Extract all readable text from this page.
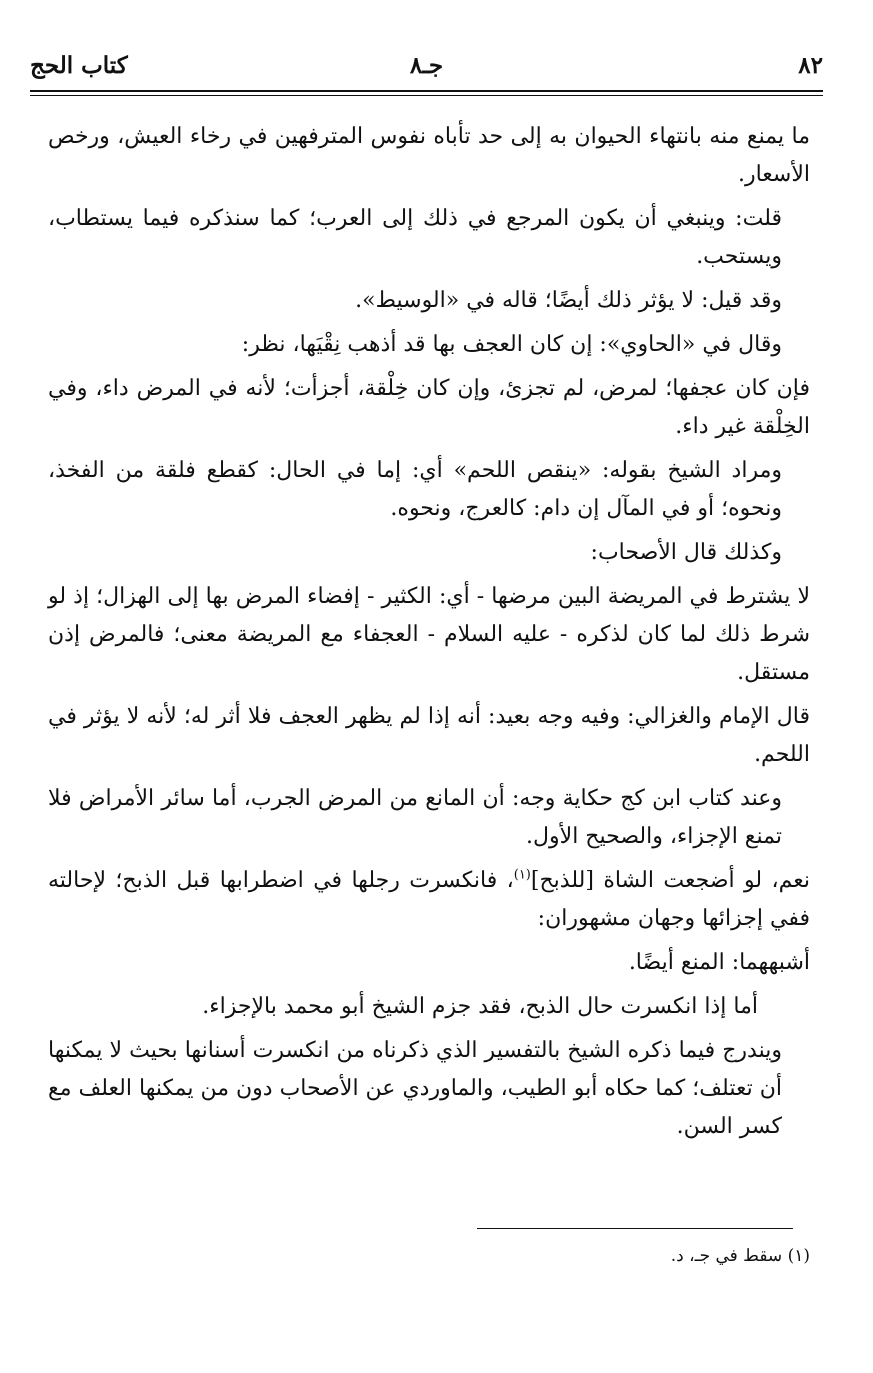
٨٢
جـ٨
كتاب الحج

ما يمنع منه بانتهاء الحيوان به إلى حد تأباه نفوس المترفهين في رخاء العيش، ورخص الأسعار.

قلت: وينبغي أن يكون المرجع في ذلك إلى العرب؛ كما سنذكره فيما يستطاب، ويستحب.

وقد قيل: لا يؤثر ذلك أيضًا؛ قاله في «الوسيط».

وقال في «الحاوي»: إن كان العجف بها قد أذهب نِقْيَها، نظر:

فإن كان عجفها؛ لمرض، لم تجزئ، وإن كان خِلْقة، أجزأت؛ لأنه في المرض داء، وفي الخِلْقة غير داء.

ومراد الشيخ بقوله: «ينقص اللحم» أي: إما في الحال: كقطع فلقة من الفخذ، ونحوه؛ أو في المآل إن دام: كالعرج، ونحوه.

وكذلك قال الأصحاب:

لا يشترط في المريضة البين مرضها - أي: الكثير - إفضاء المرض بها إلى الهزال؛ إذ لو شرط ذلك لما كان لذكره - عليه السلام - العجفاء مع المريضة معنى؛ فالمرض إذن مستقل.

قال الإمام والغزالي: وفيه وجه بعيد: أنه إذا لم يظهر العجف فلا أثر له؛ لأنه لا يؤثر في اللحم.

وعند كتاب ابن كج حكاية وجه: أن المانع من المرض الجرب، أما سائر الأمراض فلا تمنع الإجزاء، والصحيح الأول.

نعم، لو أضجعت الشاة [للذبح]$^{(١)}$، فانكسرت رجلها في اضطرابها قبل الذبح؛ لإحالته ففي إجزائها وجهان مشهوران:

أشبههما: المنع أيضًا.

أما إذا انكسرت حال الذبح، فقد جزم الشيخ أبو محمد بالإجزاء.

ويندرج فيما ذكره الشيخ بالتفسير الذي ذكرناه من انكسرت أسنانها بحيث لا يمكنها أن تعتلف؛ كما حكاه أبو الطيب، والماوردي عن الأصحاب دون من يمكنها العلف مع كسر السن.

(١) سقط في جـ، د.
